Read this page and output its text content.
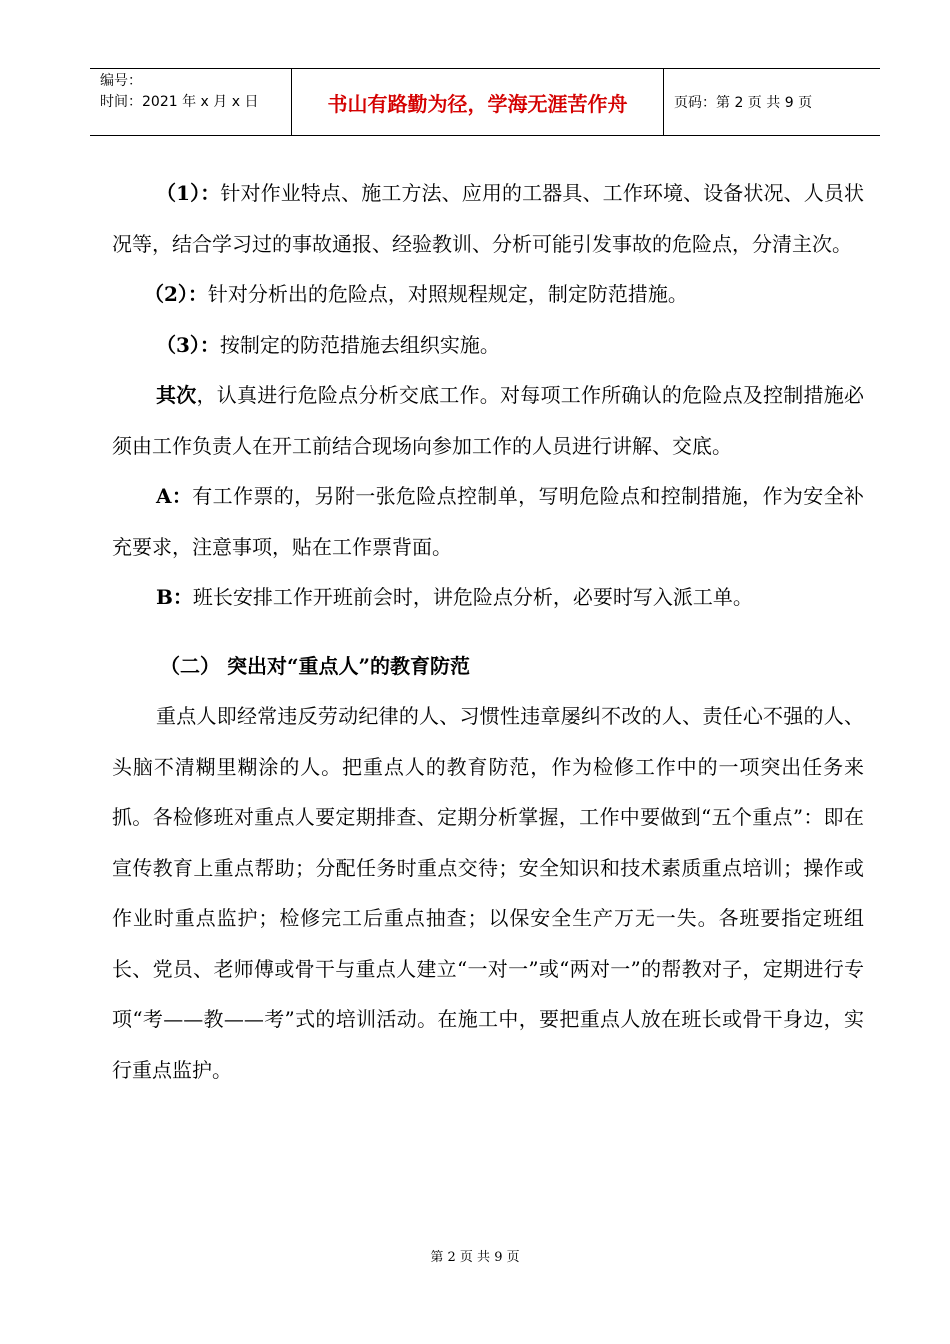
编号：
时间：2021 年 x 月 x 日	书山有路勤为径，学海无涯苦作舟	页码：第 2 页 共 9 页

（1）：针对作业特点、施工方法、应用的工器具、工作环境、设备状况、人员状况等，结合学习过的事故通报、经验教训、分析可能引发事故的危险点，分清主次。

（2）：针对分析出的危险点，对照规程规定，制定防范措施。

（3）：按制定的防范措施去组织实施。

其次，认真进行危险点分析交底工作。对每项工作所确认的危险点及控制措施必须由工作负责人在开工前结合现场向参加工作的人员进行讲解、交底。

A：有工作票的，另附一张危险点控制单，写明危险点和控制措施，作为安全补充要求，注意事项，贴在工作票背面。

B：班长安排工作开班前会时，讲危险点分析，必要时写入派工单。

（二） 突出对“重点人”的教育防范

重点人即经常违反劳动纪律的人、习惯性违章屡纠不改的人、责任心不强的人、头脑不清糊里糊涂的人。把重点人的教育防范，作为检修工作中的一项突出任务来抓。各检修班对重点人要定期排查、定期分析掌握，工作中要做到“五个重点”：即在宣传教育上重点帮助；分配任务时重点交待；安全知识和技术素质重点培训；操作或作业时重点监护；检修完工后重点抽查；以保安全生产万无一失。各班要指定班组长、党员、老师傅或骨干与重点人建立“一对一”或“两对一”的帮教对子，定期进行专项“考——教——考”式的培训活动。在施工中，要把重点人放在班长或骨干身边，实行重点监护。

第 2 页 共 9 页
